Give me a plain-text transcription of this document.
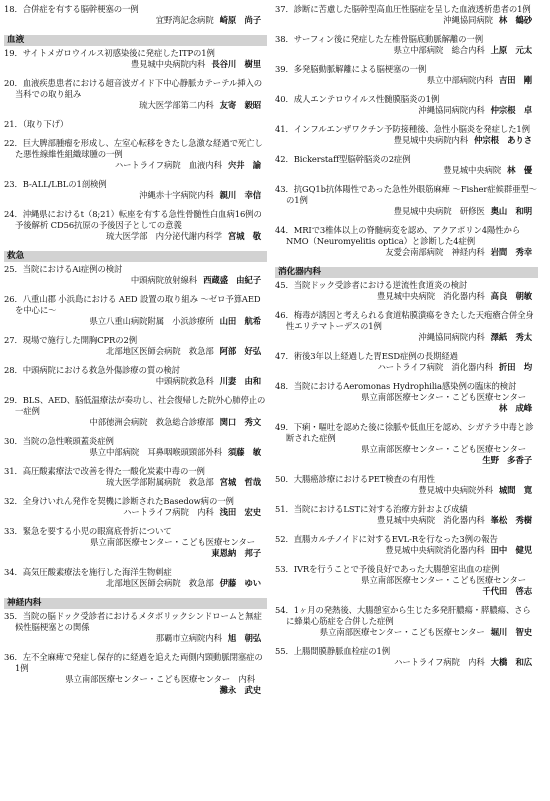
18．合併症を有する脳幹梗塞の一例
宜野湾記念病院 崎原　尚子
血液
19．サイトメガロウイルス初感染後に発症したITPの1例
豊見城中央病院内科 長谷川　樹里
20．血液疾患患者における超音波ガイド下中心静脈カテーテル挿入の当科での取り組み
琉大医学部第二内科 友寄　毅昭
21．（取り下げ）
22．巨大脾部腫瘤を形成し、左室心転移をきたし急激な経過で死亡した悪性線維性組織球腫の一例
ハートライフ病院　血液内科 宍井　諭
23．B-ALL/LBLの1剖検例
沖縄赤十字病院内科 親川　幸信
24．沖縄県におけるt（8;21）転座を有する急性骨髄性白血病16例の予後解析 CD56抗原の予後因子としての意義
琉大医学部　内分泌代謝内科学 宮城　敬
救急
25．当院におけるAi症例の検討
中頭病院放射線科 西蔵盛　由紀子
26．八重山郡 小浜島における AED 設置の取り組み 〜ゼロ予算AEDを中心に〜
県立八重山病院附属　小浜診療所 山田　航希
27．現場で施行した開胸CPRの2例
北部地区医師会病院　救急部 阿部　好弘
28．中頭病院における救急外傷診療の質の検討
中頭病院救急科 川妻　由和
29．BLS、AED、脳低温療法が奏功し、社会復帰した院外心肺停止の一症例
中部徳洲会病院　救急総合診療部 関口　秀文
30．当院の急性喉頭蓋炎症例
県立中部病院　耳鼻咽喉頭頸部外科 須藤　敏
31．高圧酸素療法で改善を得た一酸化炭素中毒の一例
琉大医学部附属病院　救急部 宮城　哲哉
32．全身けいれん発作を契機に診断されたBasedow病の一例
ハートライフ病院　内科 浅田　宏史
33．緊急を要する小児の眼窩底骨折について
県立南部医療センター・こども医療センター
東恩納　邦子
34．高気圧酸素療法を施行した海洋生物刺症
北部地区医師会病院　救急部 伊藤　ゆい
神経内科
35．当院の脳ドック受診者におけるメタボリックシンドロームと無症候性脳梗塞との関係
那覇市立病院内科 旭　朝弘
36．左不全麻痺で発症し保存的に経過を追えた両側内頸動脈閉塞症の1例
県立南部医療センター・こども医療センター　内科
灘永　武史
37．診断に苦慮した脳幹型高血圧性脳症を呈した血液透析患者の1例
沖縄協同病院 林　鶴砂
38．サーフィン後に発症した左椎骨脳底動脈解離の一例
県立中部病院　総合内科 上原　元太
39．多発脳動脈解離による脳梗塞の一例
県立中部病院内科 吉田　剛
40．成人エンテロウイルス性髄膜脳炎の1例
沖縄協同病院内科 仲宗根　卓
41．インフルエンザワクチン予防接種後、急性小脳炎を発症した1例
豊見城中央病院内科 仲宗根　ありさ
42．Bickerstaff型脳幹脳炎の2症例
豊見城中央病院 林　優
43．抗GQ1b抗体陽性であった急性外眼筋麻痺 〜Fisher症候群亜型〜の1例
豊見城中央病院　研修医 奥山　和明
44．MRIで3椎体以上の脊髄病変を認め、アクアポリン4陽性からNMO（Neuromyelitis optica）と診断した4症例
友愛会南部病院　神経内科 岩間　秀幸
消化器内科
45．当院ドック受診者における逆流性食道炎の検討
豊見城中央病院　消化器内科 高良　朝敏
46．梅毒が誘因と考えられる食道粘膜潰瘍をきたした天疱瘡合併全身性エリテマトーデスの1例
沖縄協同病院内科 澤紙　秀太
47．術後3年以上経過した胃ESD症例の長期経過
ハートライフ病院　消化器内科 折田　均
48．当院におけるAeromonas Hydrophilia感染例の臨床的検討
県立南部医療センター・こども医療センター
林　成峰
49．下痢・嘔吐を認めた後に徐脈や低血圧を認め、シガテラ中毒と診断された症例
県立南部医療センター・こども医療センター
生野　多香子
50．大腸癌診療におけるPET検査の有用性
豊見城中央病院外科 城間　寛
51．当院におけるLSTに対する治療方針および成績
豊見城中央病院　消化器内科 峯松　秀樹
52．直腸カルチノイドに対するEVL-Rを行なった3例の報告
豊見城中央病院消化器内科 田中　健児
53．IVRを行うことで予後良好であった大腸憩室出血の症例
県立南部医療センター・こども医療センター
千代田　啓志
54．1ヶ月の発熱後、大腸憩室から生じた多発肝膿瘍・膵膿瘍、さらに蜂巣心筋症を合併した症例
県立南部医療センター・こども医療センター 堀川　智史
55．上腸間膜静脈血栓症の1例
ハートライフ病院　内科 大橋　和広
